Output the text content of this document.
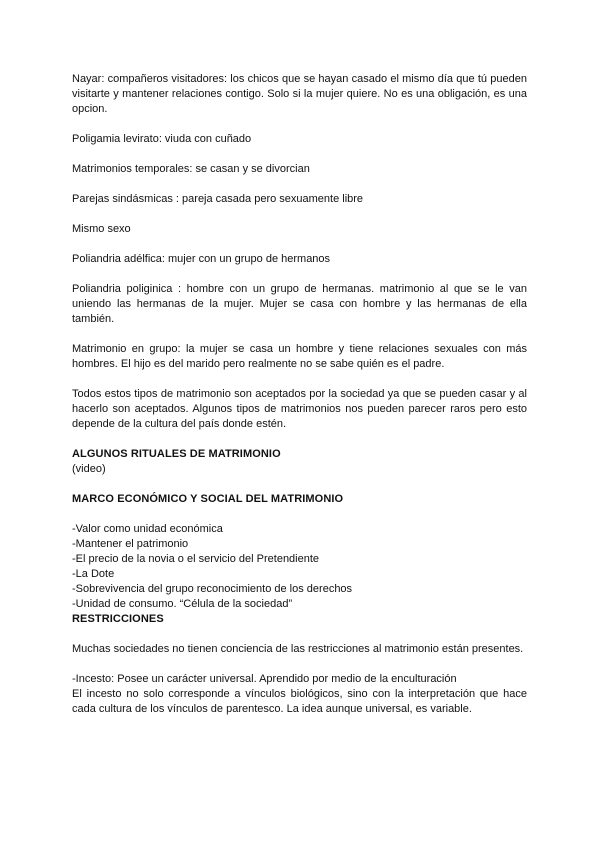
Nayar: compañeros visitadores: los chicos que se hayan casado el mismo día que tú pueden visitarte y mantener relaciones contigo. Solo si la mujer quiere. No es una obligación, es una opcion.

Poligamia levirato: viuda con cuñado

Matrimonios temporales: se casan y se divorcian

Parejas sindásmicas : pareja casada pero sexuamente libre

Mismo sexo

Poliandria adélfica: mujer con un grupo de hermanos

Poliandria poliginica : hombre con un grupo de hermanas. matrimonio al que se le van uniendo las hermanas de la mujer. Mujer se casa con hombre y las hermanas de ella también.

Matrimonio en grupo: la mujer se casa un hombre y tiene relaciones sexuales con más hombres. El hijo es del marido pero realmente no se sabe quién es el padre.

Todos estos tipos de matrimonio son aceptados por la sociedad ya que se pueden casar y al hacerlo son aceptados. Algunos tipos de matrimonios nos pueden parecer raros pero esto depende de la cultura del país donde estén.

ALGUNOS RITUALES DE MATRIMONIO

(video)

MARCO ECONÓMICO Y SOCIAL DEL MATRIMONIO

-Valor como unidad económica
-Mantener el patrimonio
-El precio de la novia o el servicio del Pretendiente
-La Dote
-Sobrevivencia del grupo reconocimiento de los derechos
-Unidad de consumo. “Célula de la sociedad”

RESTRICCIONES

Muchas sociedades no tienen conciencia de las restricciones al matrimonio están presentes.

-Incesto: Posee un carácter universal. Aprendido por medio de la enculturación

El incesto no solo corresponde a vínculos biológicos, sino con la interpretación que hace cada cultura de los vínculos de parentesco. La idea aunque universal, es variable.
